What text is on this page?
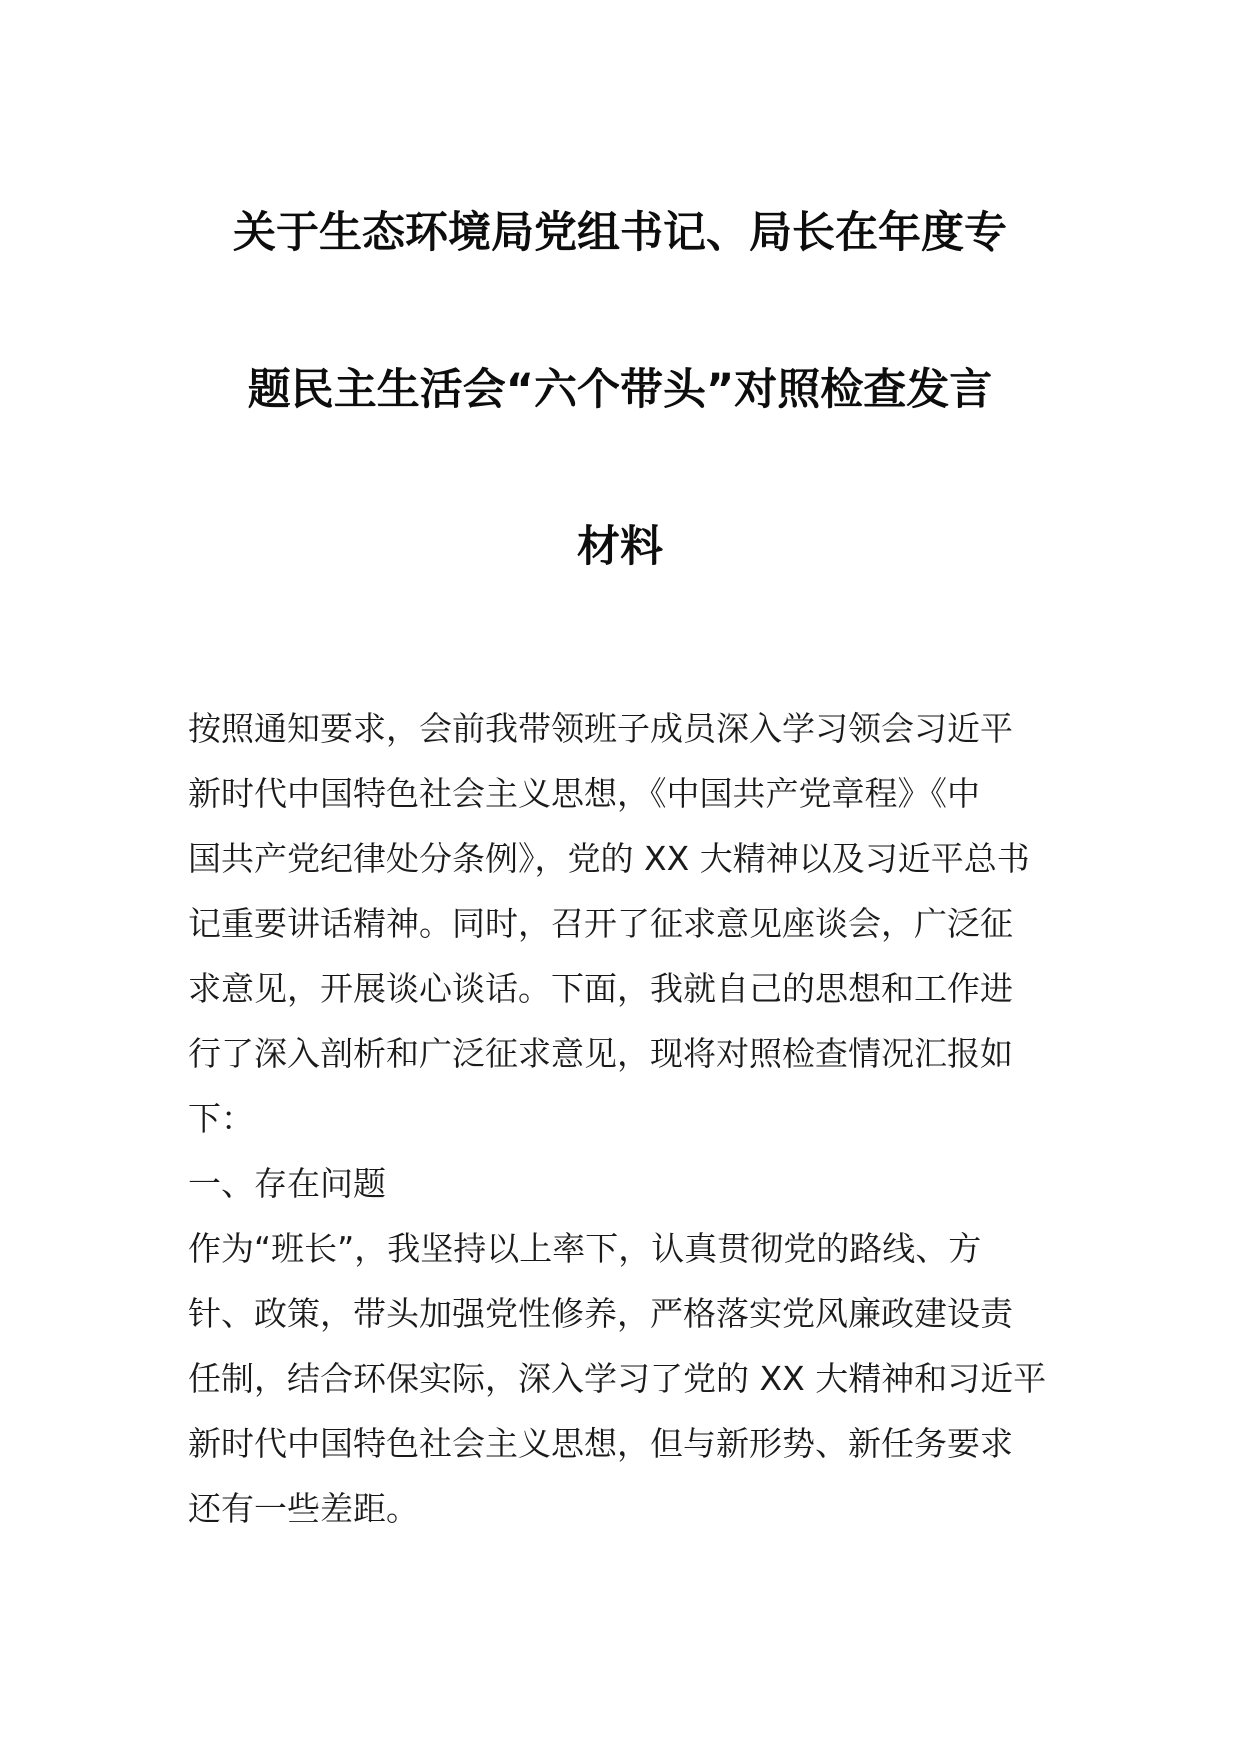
关于生态环境局党组书记、局长在年度专
题民主生活会“六个带头”对照检查发言
材料
按照通知要求，会前我带领班子成员深入学习领会习近平
新时代中国特色社会主义思想，《中国共产党章程》《中
国共产党纪律处分条例》，党的 XX 大精神以及习近平总书
记重要讲话精神。同时，召开了征求意见座谈会，广泛征
求意见，开展谈心谈话。下面，我就自己的思想和工作进
行了深入剖析和广泛征求意见，现将对照检查情况汇报如
下：
一、存在问题
作为“班长”，我坚持以上率下，认真贯彻党的路线、方
针、政策，带头加强党性修养，严格落实党风廉政建设责
任制，结合环保实际，深入学习了党的 XX 大精神和习近平
新时代中国特色社会主义思想，但与新形势、新任务要求
还有一些差距。
